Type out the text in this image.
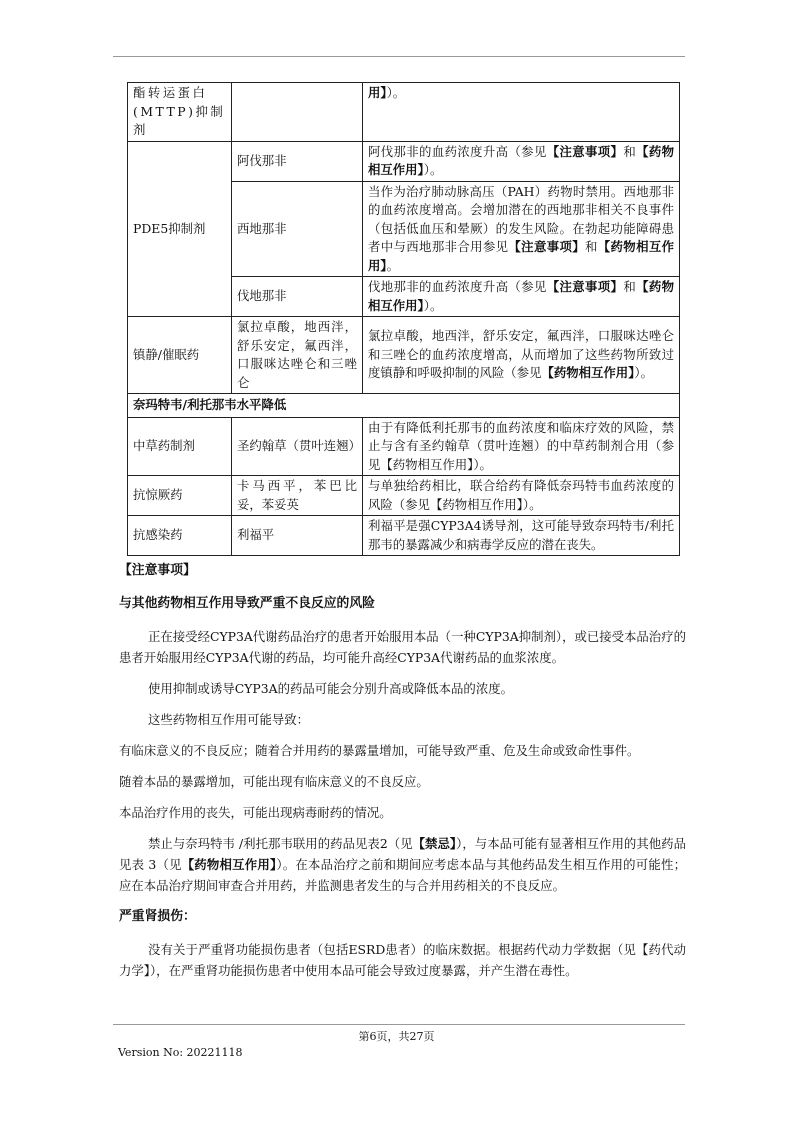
酯转运蛋白(MTTP)抑制剂		用】）。
PDE5抑制剂	阿伐那非	阿伐那非的血药浓度升高（参见【注意事项】和【药物相互作用】）。
	西地那非	当作为治疗肺动脉高压（PAH）药物时禁用。西地那非的血药浓度增高。会增加潜在的西地那非相关不良事件（包括低血压和晕厥）的发生风险。在勃起功能障碍患者中与西地那非合用参见【注意事项】和【药物相互作用】。
	伐地那非	伐地那非的血药浓度升高（参见【注意事项】和【药物相互作用】）。
镇静/催眠药	氯拉卓酸，地西泮，舒乐安定，氟西泮，口服咪达唑仑和三唑仑	氯拉卓酸，地西泮，舒乐安定，氟西泮，口服咪达唑仑和三唑仑的血药浓度增高，从而增加了这些药物所致过度镇静和呼吸抑制的风险（参见【药物相互作用】）。
奈玛特韦/利托那韦水平降低		
中草药制剂	圣约翰草（贯叶连翘）	由于有降低利托那韦的血药浓度和临床疗效的风险，禁止与含有圣约翰草（贯叶连翘）的中草药制剂合用（参见【药物相互作用】）。
抗惊厥药	卡马西平，苯巴比妥，苯妥英	与单独给药相比，联合给药有降低奈玛特韦血药浓度的风险（参见【药物相互作用】）。
抗感染药	利福平	利福平是强CYP3A4诱导剂，这可能导致奈玛特韦/利托那韦的暴露减少和病毒学反应的潜在丧失。
【注意事项】
与其他药物相互作用导致严重不良反应的风险

正在接受经CYP3A代谢药品治疗的患者开始服用本品（一种CYP3A抑制剂），或已接受本品治疗的患者开始服用经CYP3A代谢的药品，均可能升高经CYP3A代谢药品的血浆浓度。

使用抑制或诱导CYP3A的药品可能会分别升高或降低本品的浓度。

这些药物相互作用可能导致：

有临床意义的不良反应；随着合并用药的暴露量增加，可能导致严重、危及生命或致命性事件。

随着本品的暴露增加，可能出现有临床意义的不良反应。

本品治疗作用的丧失，可能出现病毒耐药的情况。

禁止与奈玛特韦 /利托那韦联用的药品见表2（见【禁忌】），与本品可能有显著相互作用的其他药品见表 3（见【药物相互作用】）。在本品治疗之前和期间应考虑本品与其他药品发生相互作用的可能性；应在本品治疗期间审查合并用药，并监测患者发生的与合并用药相关的不良反应。

严重肾损伤：

没有关于严重肾功能损伤患者（包括ESRD患者）的临床数据。根据药代动力学数据（见【药代动力学】），在严重肾功能损伤患者中使用本品可能会导致过度暴露，并产生潜在毒性。

第6页，共27页
Version No: 20221118
